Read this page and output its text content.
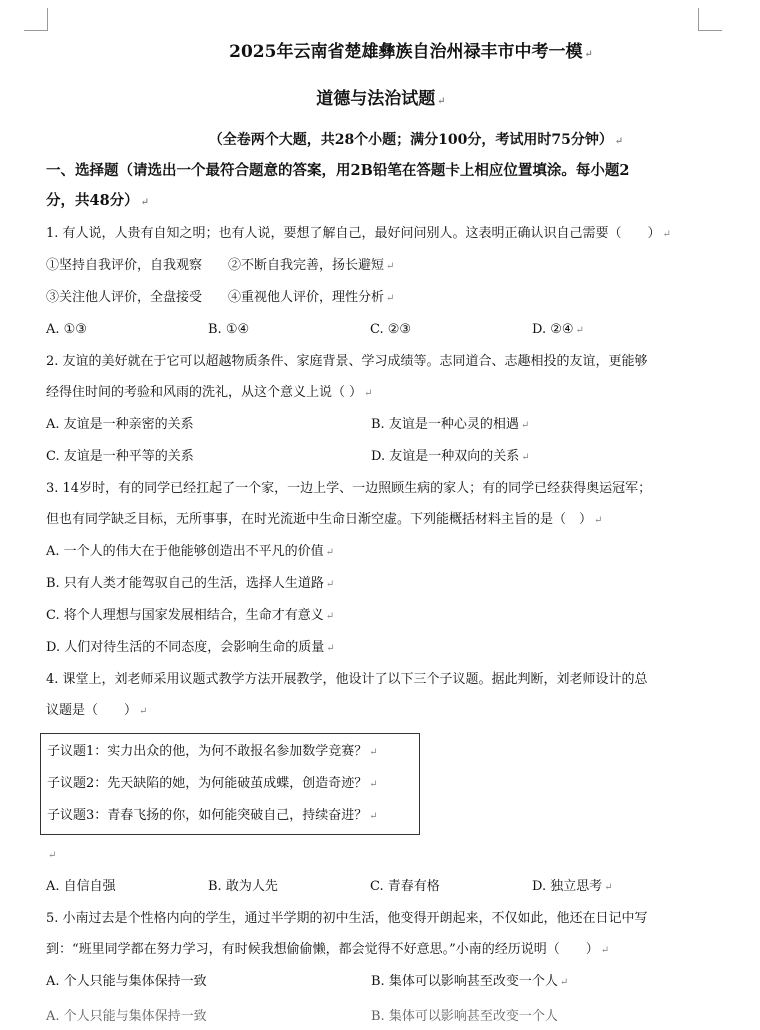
2025年云南省楚雄彝族自治州禄丰市中考一模 ↵
道德与法治试题 ↵
（全卷两个大题，共28个小题；满分100分，考试用时75分钟） ↵
一、选择题（请选出一个最符合题意的答案，用2B铅笔在答题卡上相应位置填涂。每小题2
分，共48分） ↵
1. 有人说，人贵有自知之明；也有人说，要想了解自己，最好问问别人。这表明正确认识自己需要（　　） ↵
①坚持自我评价，自我观察　　②不断自我完善，扬长避短 ↵
③关注他人评价，全盘接受　　④重视他人评价，理性分析 ↵
A. ①③	B. ①④	C. ②③	D. ②④ ↵
2. 友谊的美好就在于它可以超越物质条件、家庭背景、学习成绩等。志同道合、志趣相投的友谊，更能够
经得住时间的考验和风雨的洗礼，从这个意义上说（ ） ↵
A. 友谊是一种亲密的关系	B. 友谊是一种心灵的相遇 ↵
C. 友谊是一种平等的关系	D. 友谊是一种双向的关系 ↵
3. 14岁时，有的同学已经扛起了一个家，一边上学、一边照顾生病的家人；有的同学已经获得奥运冠军；
但也有同学缺乏目标，无所事事，在时光流逝中生命日渐空虚。下列能概括材料主旨的是（　） ↵
A. 一个人的伟大在于他能够创造出不平凡的价值 ↵
B. 只有人类才能驾驭自己的生活，选择人生道路 ↵
C. 将个人理想与国家发展相结合，生命才有意义 ↵
D. 人们对待生活的不同态度，会影响生命的质量 ↵
4. 课堂上，刘老师采用议题式教学方法开展教学，他设计了以下三个子议题。据此判断，刘老师设计的总
议题是（　　） ↵
子议题1：实力出众的他，为何不敢报名参加数学竞赛？ ↵
子议题2：先天缺陷的她，为何能破茧成蝶，创造奇迹？ ↵
子议题3：青春飞扬的你，如何能突破自己，持续奋进？ ↵
↵
A. 自信自强	B. 敢为人先	C. 青春有格	D. 独立思考 ↵
5. 小南过去是个性格内向的学生，通过半学期的初中生活，他变得开朗起来，不仅如此，他还在日记中写
到：“班里同学都在努力学习，有时候我想偷偷懒，都会觉得不好意思。”小南的经历说明（　　） ↵
A. 个人只能与集体保持一致	B. 集体可以影响甚至改变一个人 ↵
A. 个人只能与集体保持一致	B. 集体可以影响甚至改变一个人
